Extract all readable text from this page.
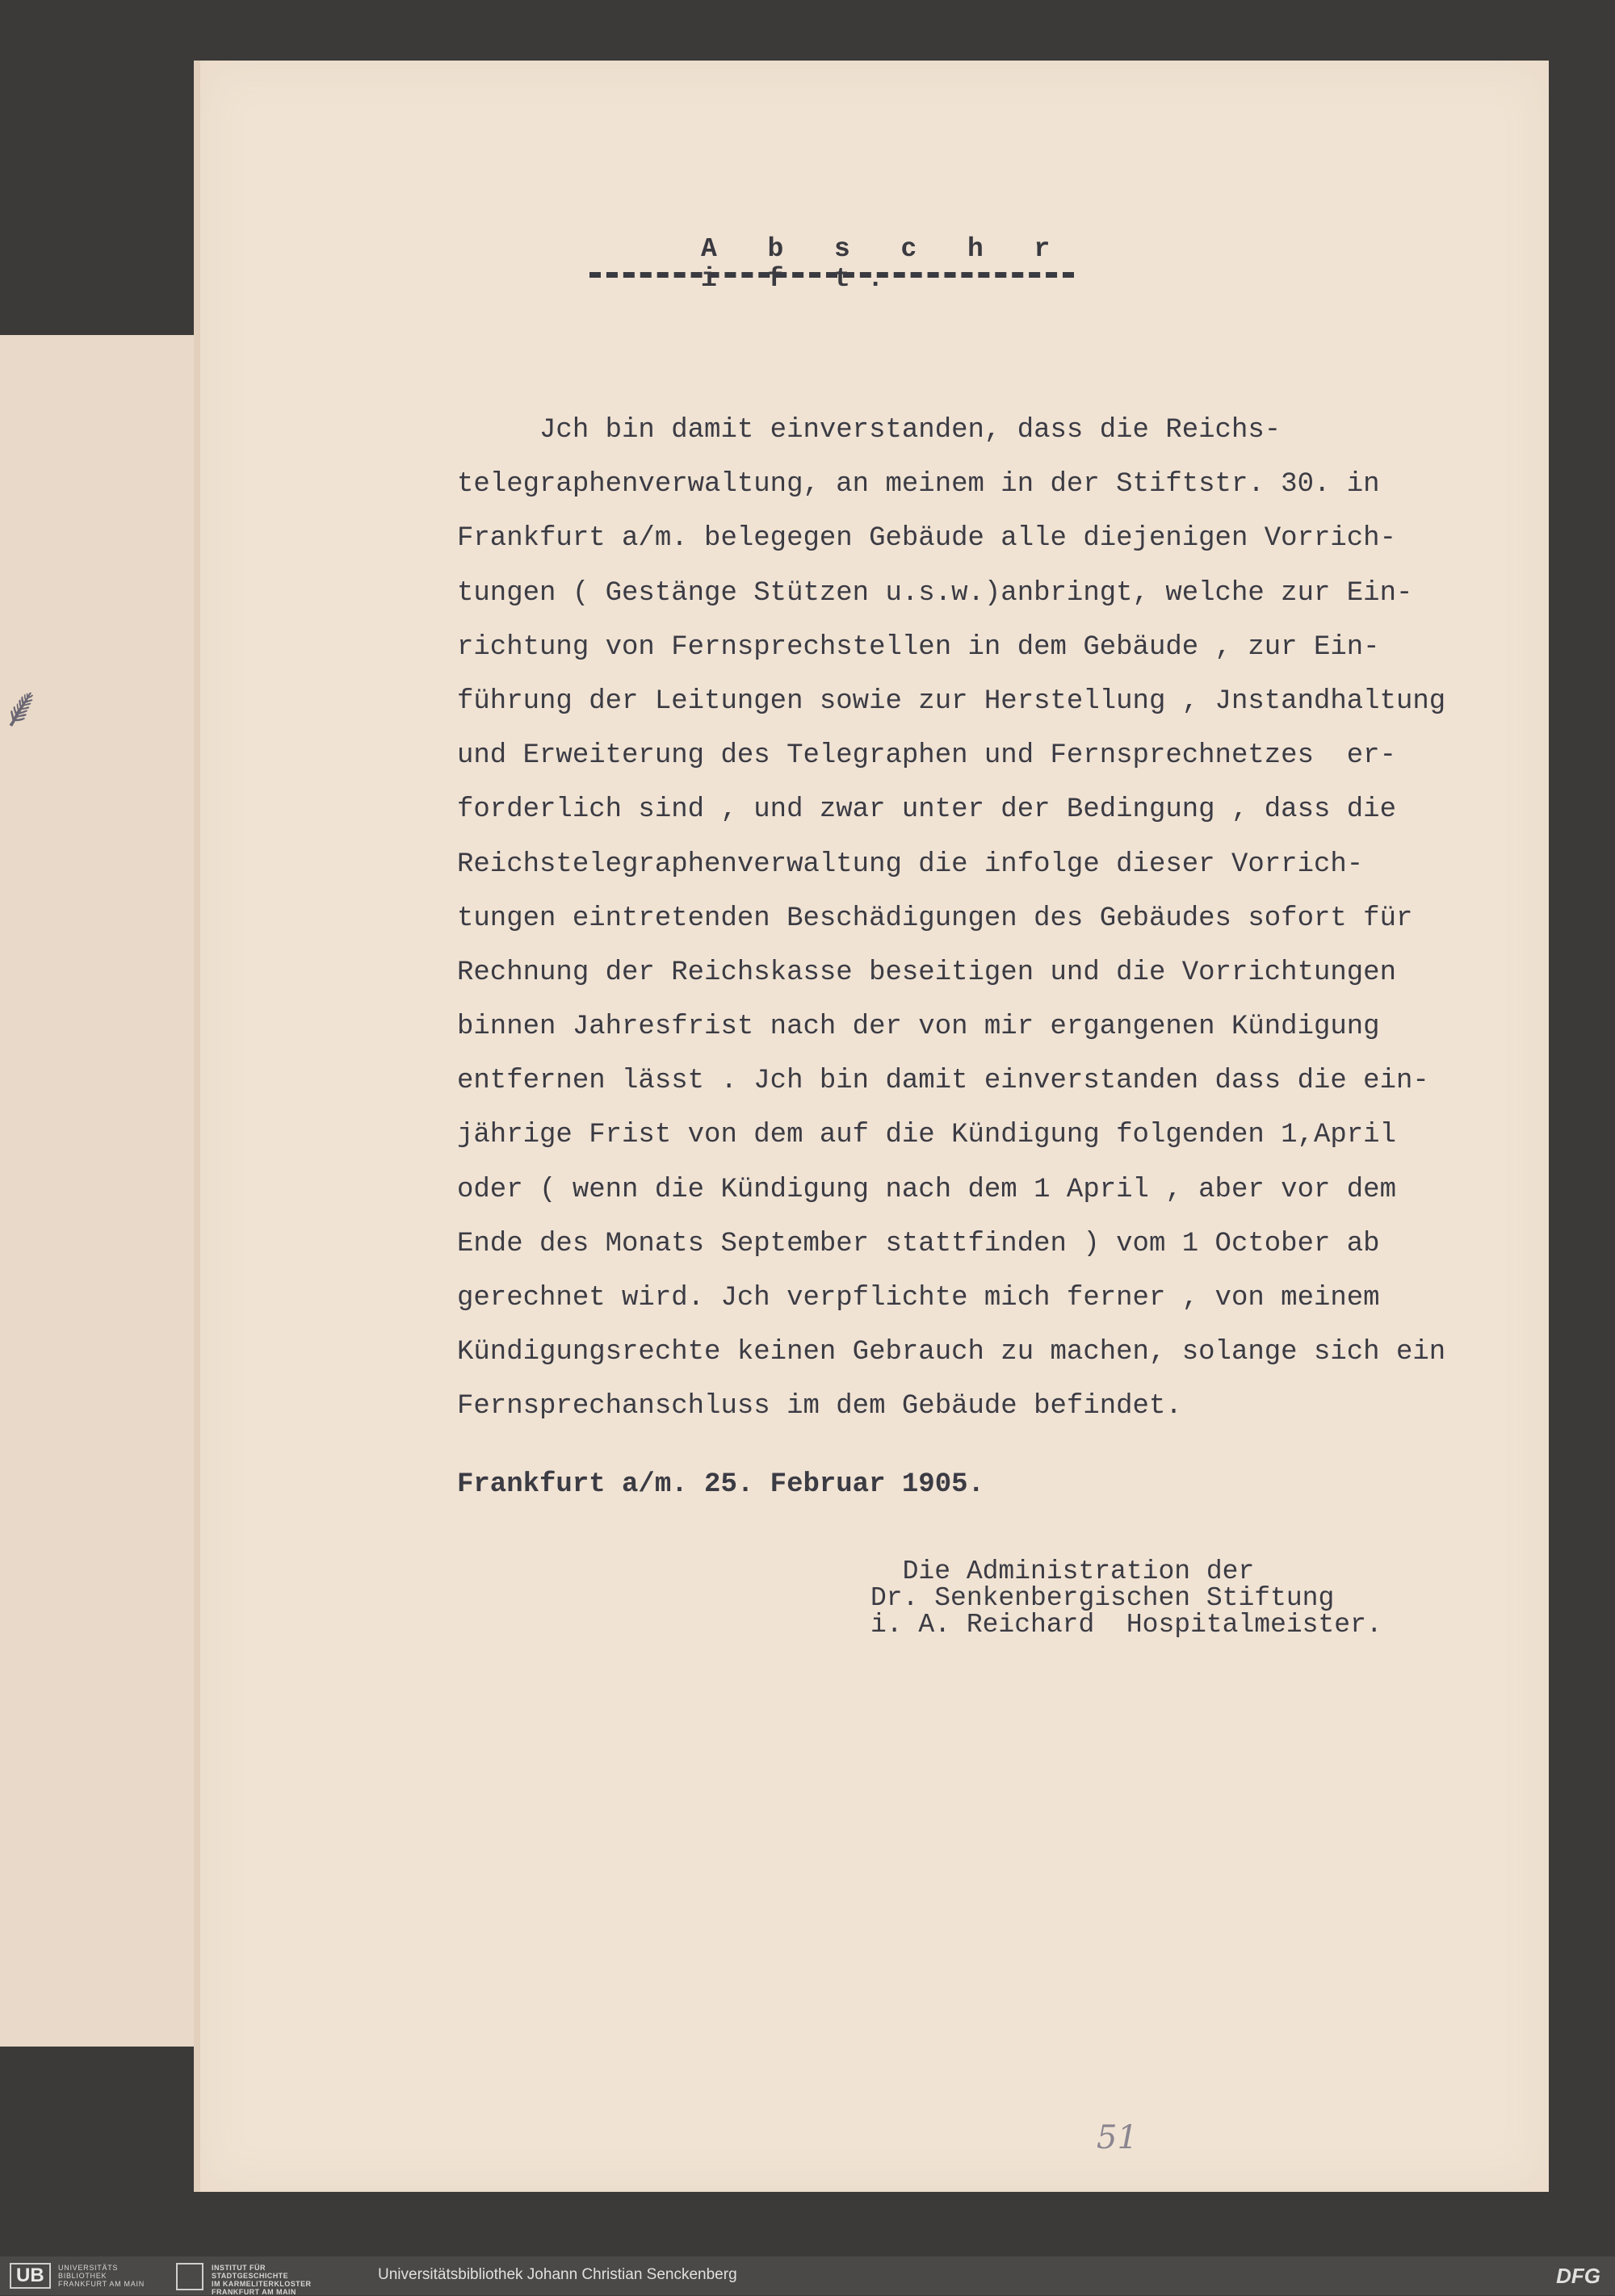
⸙
A b s c h r i f t.
Jch bin damit einverstanden, dass die Reichs-
telegraphenverwaltung, an meinem in der Stiftstr. 30. in
Frankfurt a/m. belegegen Gebäude alle diejenigen Vorrich-
tungen ( Gestänge Stützen u.s.w.)anbringt, welche zur Ein-
richtung von Fernsprechstellen in dem Gebäude , zur Ein-
führung der Leitungen sowie zur Herstellung , Jnstandhaltung
und Erweiterung des Telegraphen und Fernsprechnetzes  er-
forderlich sind , und zwar unter der Bedingung , dass die
Reichstelegraphenverwaltung die infolge dieser Vorrich-
tungen eintretenden Beschädigungen des Gebäudes sofort für
Rechnung der Reichskasse beseitigen und die Vorrichtungen
binnen Jahresfrist nach der von mir ergangenen Kündigung
entfernen lässt . Jch bin damit einverstanden dass die ein-
jährige Frist von dem auf die Kündigung folgenden 1,April
oder ( wenn die Kündigung nach dem 1 April , aber vor dem
Ende des Monats September stattfinden ) vom 1 October ab
gerechnet wird. Jch verpflichte mich ferner , von meinem
Kündigungsrechte keinen Gebrauch zu machen, solange sich ein
Fernsprechanschluss im dem Gebäude befindet.
Frankfurt a/m. 25. Februar 1905.
Die Administration der
Dr. Senkenbergischen Stiftung
i. A. Reichard  Hospitalmeister.
51
UB	UNIVERSITÄTS
BIBLIOTHEK
FRANKFURT AM MAIN
INSTITUT FÜR
STADTGESCHICHTE
IM KARMELITERKLOSTER
FRANKFURT AM MAIN
Universitätsbibliothek Johann Christian Senckenberg	DFG
